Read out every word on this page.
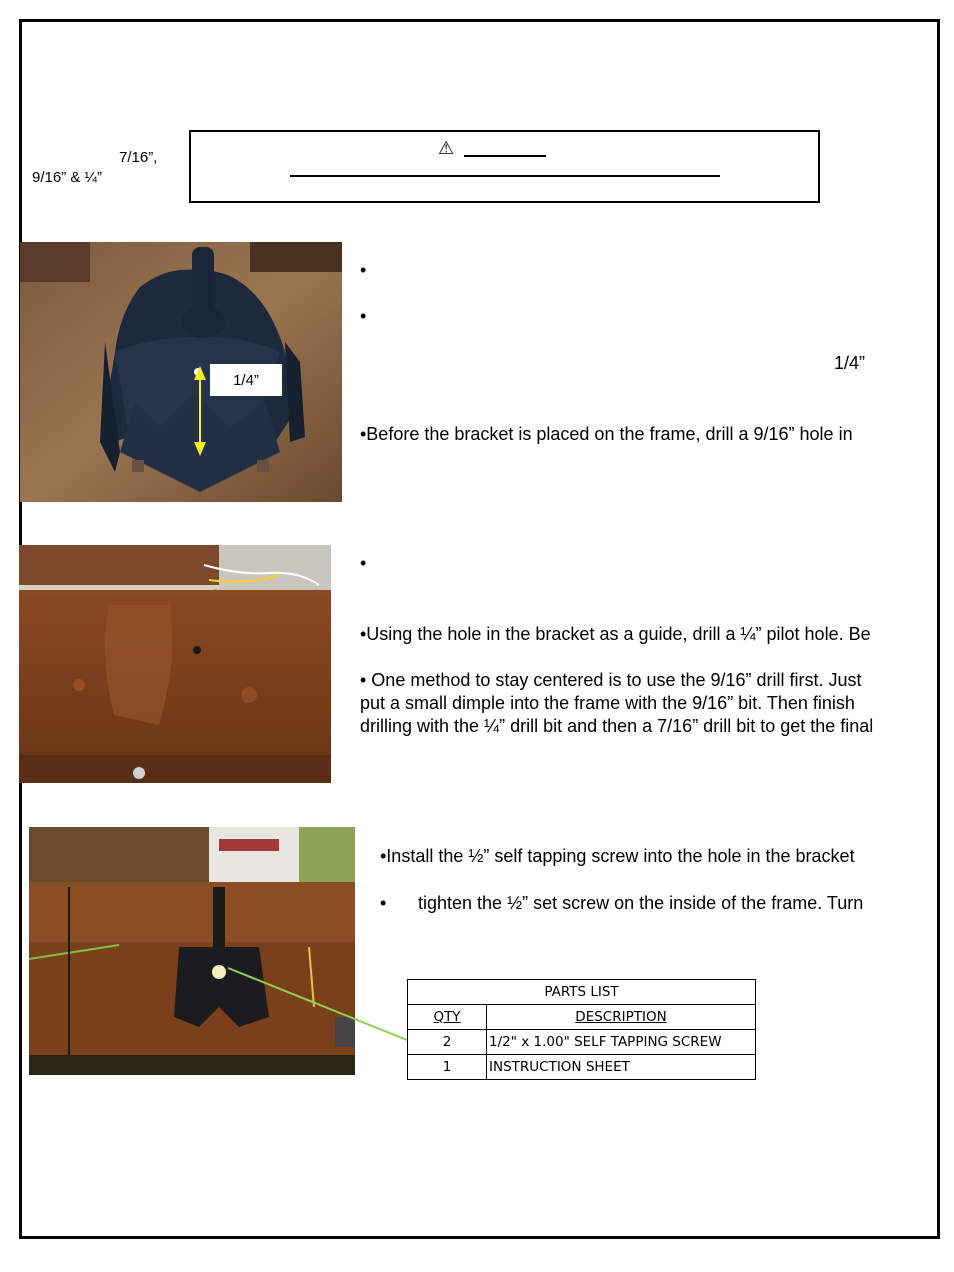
7/16”,
9/16” & ¼”
⚠
1/4”
•
•
1/4”
•Before the bracket is placed on the frame, drill a 9/16” hole in
•
•Using the hole in the bracket as a guide, drill a ¼” pilot hole. Be
• One method to stay centered is to use the 9/16” drill first. Just
put a small dimple into the frame with the 9/16” bit. Then finish
drilling with the ¼” drill bit and then a 7/16” drill bit to get the final
•Install the ½” self tapping screw into the hole in the bracket
• tighten the ½” set screw on the inside of the frame. Turn
PARTS LIST	
QTY	DESCRIPTION
2	1/2" x 1.00" SELF TAPPING SCREW
1	INSTRUCTION SHEET
